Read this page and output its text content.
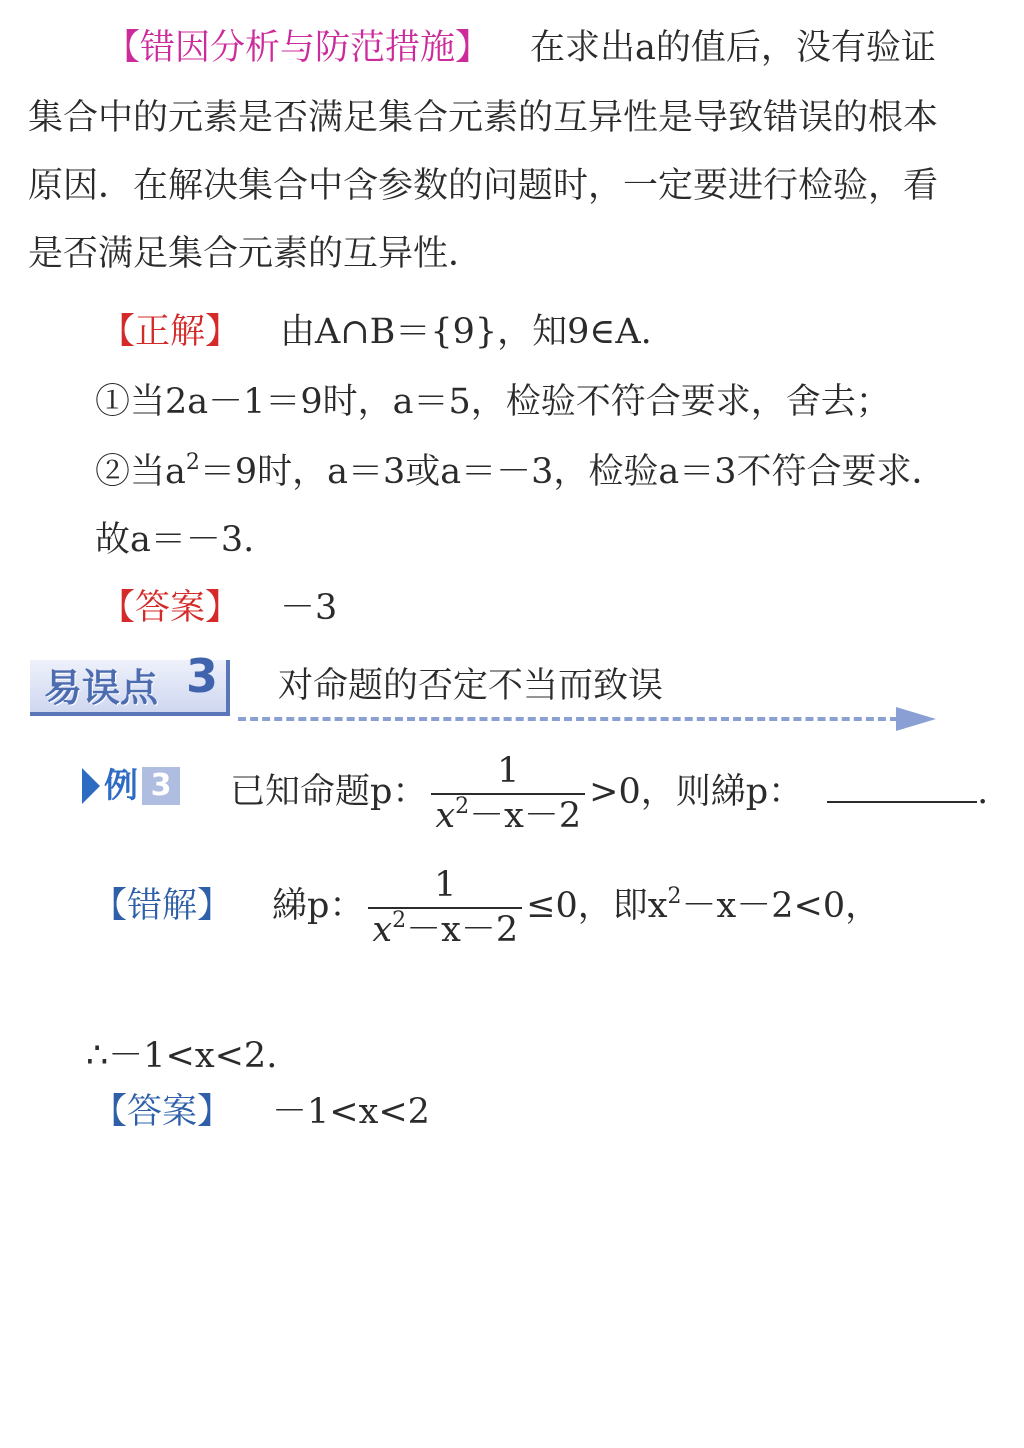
【错因分析与防范措施】 在求出a的值后，没有验证
集合中的元素是否满足集合元素的互异性是导致错误的根本
原因．在解决集合中含参数的问题时，一定要进行检验，看
是否满足集合元素的互异性．
【正解】 由A∩B＝{9}，知9∈A.
①当2a－1＝9时，a＝5，检验不符合要求，舍去；
②当$a^2=9$时，a＝3或a＝－3，检验a＝3不符合要求．
故a＝－3.
【答案】 －3
易误点 3 对命题的否定不当而致误
例 3 已知命题p： $\frac{1}{x^2-x-2} >0$，则綈p：	.
【错解】 綈p： $\frac{1}{x^2-x-2} \le 0$，即$x^2-x-2<0$，
∴－1<x<2.
【答案】 －1<x<2
